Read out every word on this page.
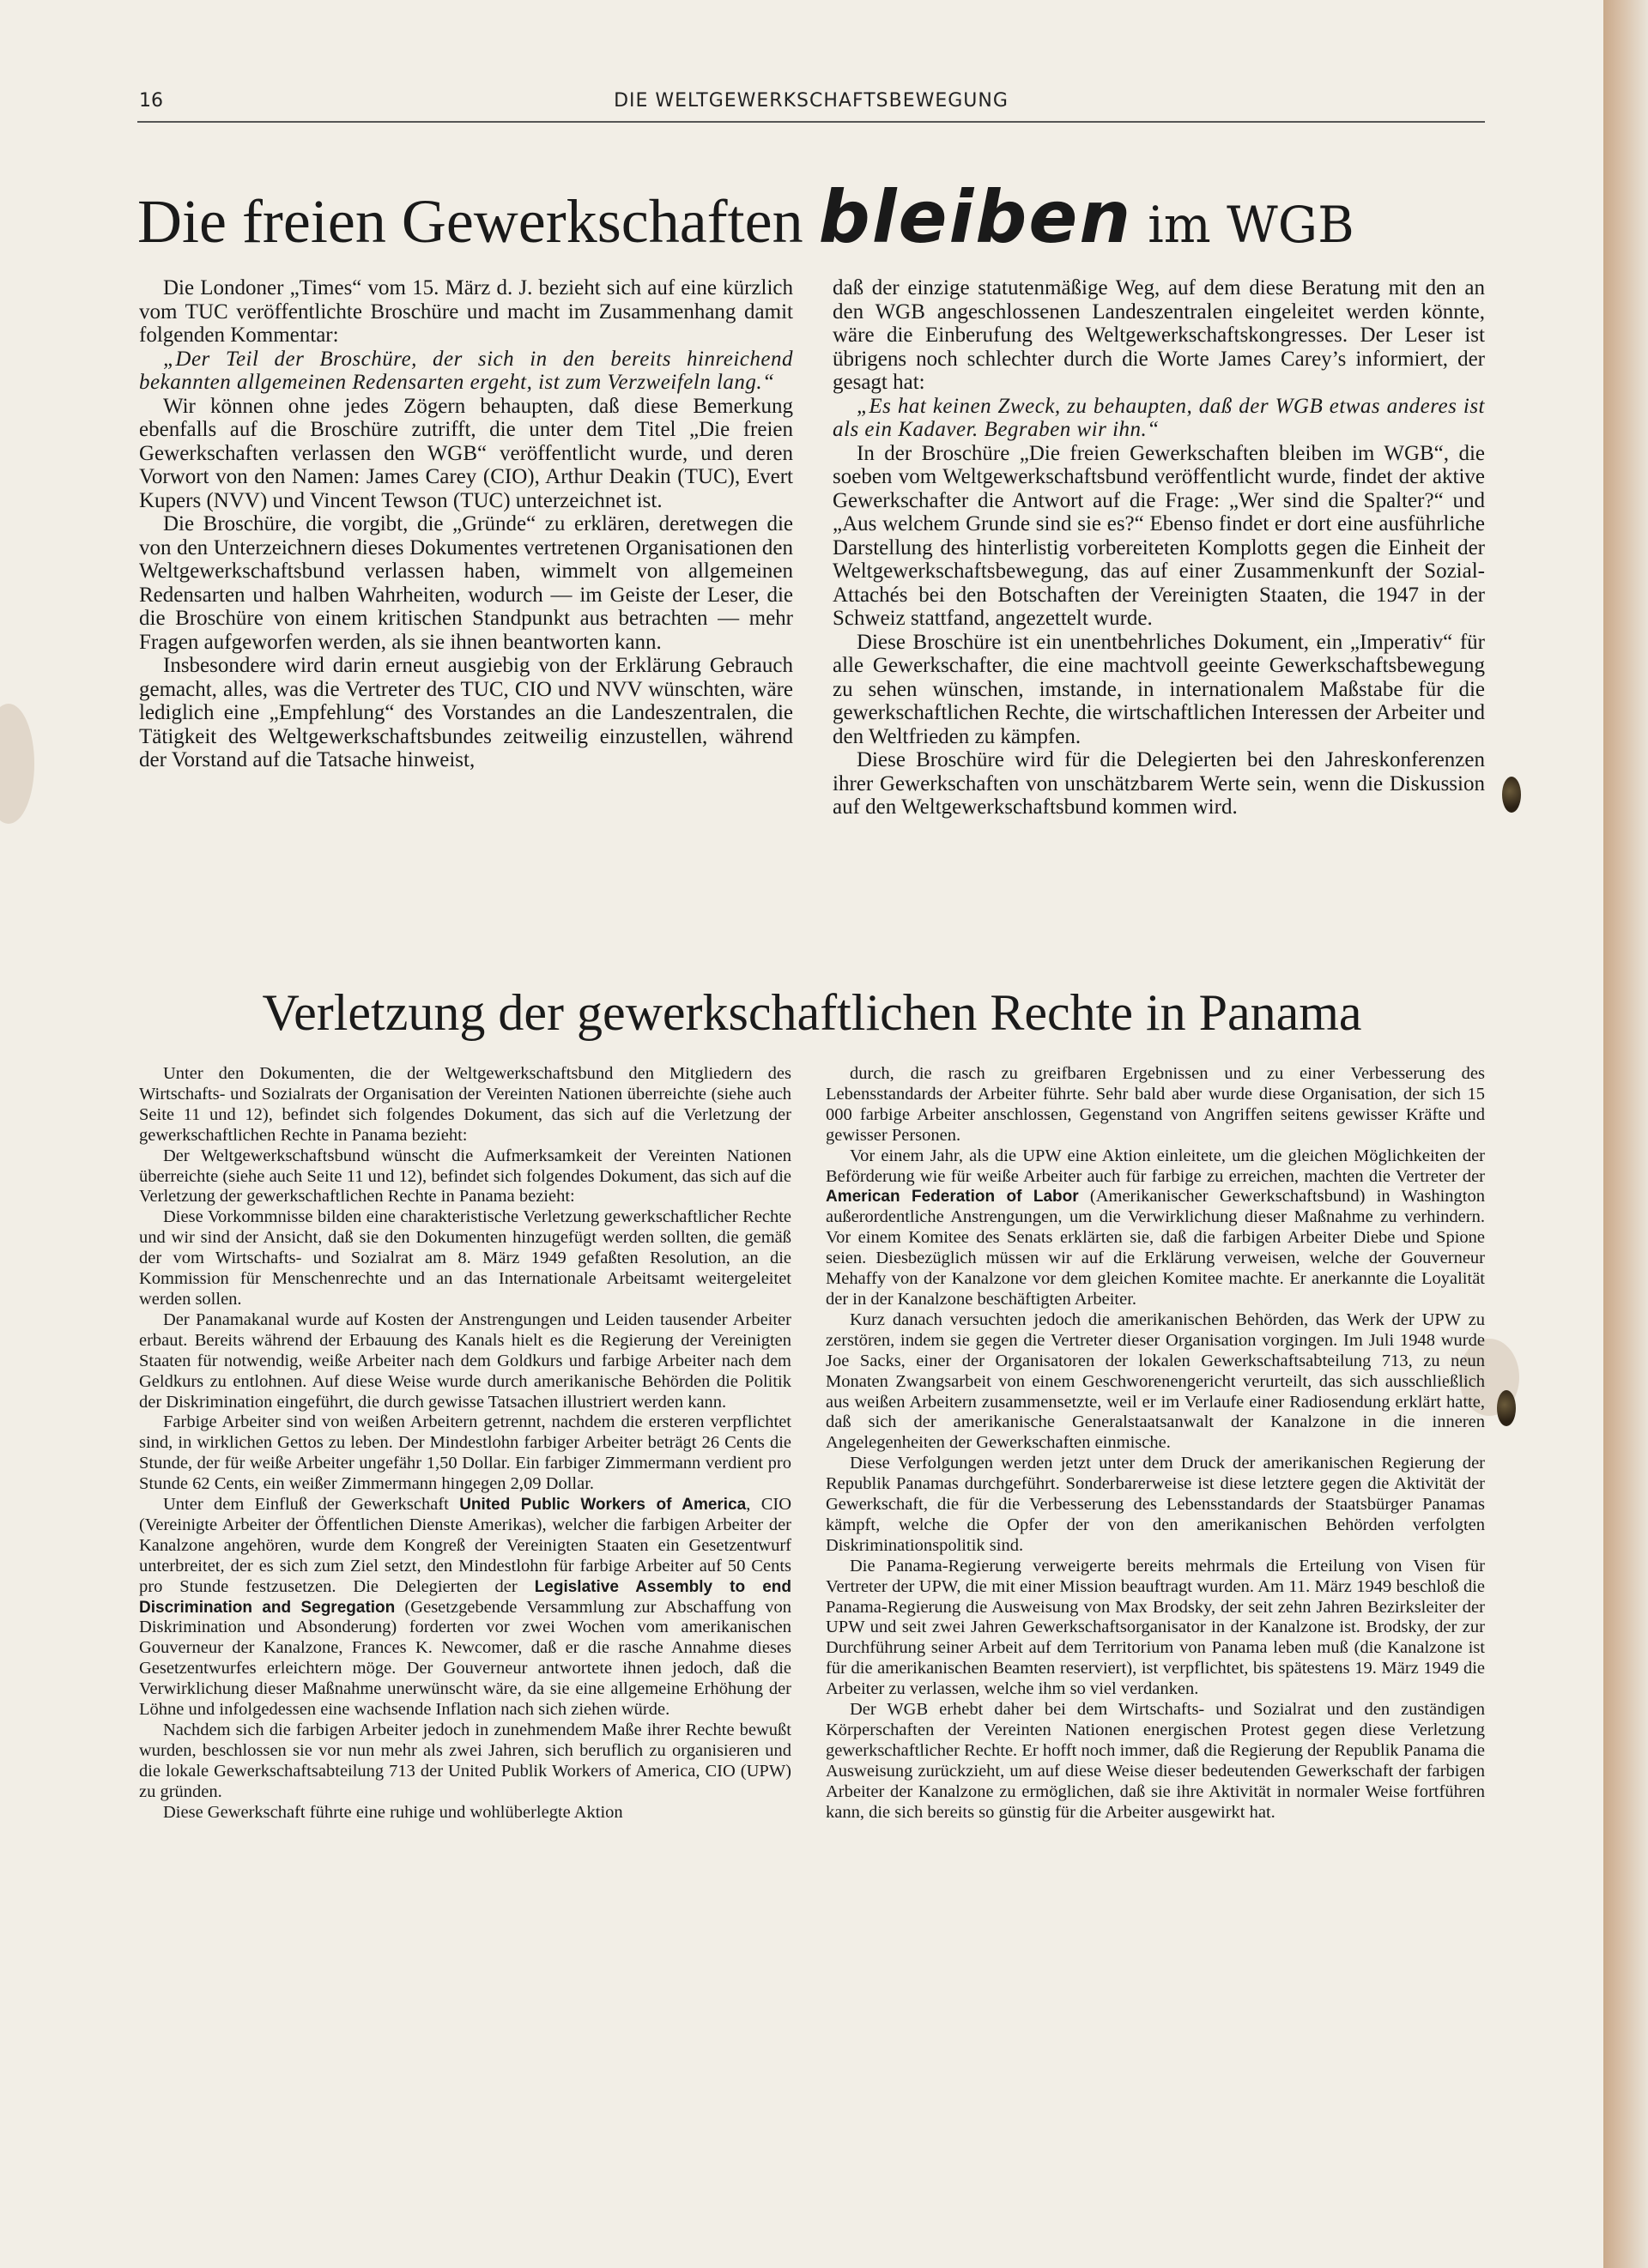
16	DIE WELTGEWERKSCHAFTSBEWEGUNG
Die freien Gewerkschaften bleiben im WGB

Die Londoner „Times“ vom 15. März d. J. bezieht sich auf eine kürzlich vom TUC veröffentlichte Broschüre und macht im Zusammenhang damit folgenden Kommentar:

„Der Teil der Broschüre, der sich in den bereits hinreichend bekannten allgemeinen Redensarten ergeht, ist zum Verzweifeln lang.“

Wir können ohne jedes Zögern behaupten, daß diese Bemerkung ebenfalls auf die Broschüre zutrifft, die unter dem Titel „Die freien Gewerkschaften verlassen den WGB“ veröffentlicht wurde, und deren Vorwort von den Namen: James Carey (CIO), Arthur Deakin (TUC), Evert Kupers (NVV) und Vincent Tewson (TUC) unterzeichnet ist.

Die Broschüre, die vorgibt, die „Gründe“ zu erklären, deretwegen die von den Unterzeichnern dieses Dokumentes vertretenen Organisationen den Weltgewerkschaftsbund verlassen haben, wimmelt von allgemeinen Redensarten und halben Wahrheiten, wodurch — im Geiste der Leser, die die Broschüre von einem kritischen Standpunkt aus betrachten — mehr Fragen aufgeworfen werden, als sie ihnen beantworten kann.

Insbesondere wird darin erneut ausgiebig von der Erklärung Gebrauch gemacht, alles, was die Vertreter des TUC, CIO und NVV wünschten, wäre lediglich eine „Empfehlung“ des Vorstandes an die Landeszentralen, die Tätigkeit des Weltgewerkschaftsbundes zeitweilig einzustellen, während der Vorstand auf die Tatsache hinweist,

daß der einzige statutenmäßige Weg, auf dem diese Beratung mit den an den WGB angeschlossenen Landeszentralen eingeleitet werden könnte, wäre die Einberufung des Weltgewerkschaftskongresses. Der Leser ist übrigens noch schlechter durch die Worte James Carey’s informiert, der gesagt hat:

„Es hat keinen Zweck, zu behaupten, daß der WGB etwas anderes ist als ein Kadaver. Begraben wir ihn.“

In der Broschüre „Die freien Gewerkschaften bleiben im WGB“, die soeben vom Weltgewerkschaftsbund veröffentlicht wurde, findet der aktive Gewerkschafter die Antwort auf die Frage: „Wer sind die Spalter?“ und „Aus welchem Grunde sind sie es?“ Ebenso findet er dort eine ausführliche Darstellung des hinterlistig vorbereiteten Komplotts gegen die Einheit der Weltgewerkschaftsbewegung, das auf einer Zusammenkunft der Sozial-Attachés bei den Botschaften der Vereinigten Staaten, die 1947 in der Schweiz stattfand, angezettelt wurde.

Diese Broschüre ist ein unentbehrliches Dokument, ein „Imperativ“ für alle Gewerkschafter, die eine machtvoll geeinte Gewerkschaftsbewegung zu sehen wünschen, imstande, in internationalem Maßstabe für die gewerkschaftlichen Rechte, die wirtschaftlichen Interessen der Arbeiter und den Weltfrieden zu kämpfen.

Diese Broschüre wird für die Delegierten bei den Jahreskonferenzen ihrer Gewerkschaften von unschätzbarem Werte sein, wenn die Diskussion auf den Weltgewerkschaftsbund kommen wird.

Verletzung der gewerkschaftlichen Rechte in Panama

Unter den Dokumenten, die der Weltgewerkschaftsbund den Mitgliedern des Wirtschafts- und Sozialrats der Organisation der Vereinten Nationen überreichte (siehe auch Seite 11 und 12), befindet sich folgendes Dokument, das sich auf die Verletzung der gewerkschaftlichen Rechte in Panama bezieht:

Der Weltgewerkschaftsbund wünscht die Aufmerksamkeit der Vereinten Nationen überreichte (siehe auch Seite 11 und 12), befindet sich folgendes Dokument, das sich auf die Verletzung der gewerkschaftlichen Rechte in Panama bezieht:

Diese Vorkommnisse bilden eine charakteristische Verletzung gewerkschaftlicher Rechte und wir sind der Ansicht, daß sie den Dokumenten hinzugefügt werden sollten, die gemäß der vom Wirtschafts- und Sozialrat am 8. März 1949 gefaßten Resolution, an die Kommission für Menschenrechte und an das Internationale Arbeitsamt weitergeleitet werden sollen.

Der Panamakanal wurde auf Kosten der Anstrengungen und Leiden tausender Arbeiter erbaut. Bereits während der Erbauung des Kanals hielt es die Regierung der Vereinigten Staaten für notwendig, weiße Arbeiter nach dem Goldkurs und farbige Arbeiter nach dem Geldkurs zu entlohnen. Auf diese Weise wurde durch amerikanische Behörden die Politik der Diskrimination eingeführt, die durch gewisse Tatsachen illustriert werden kann.

Farbige Arbeiter sind von weißen Arbeitern getrennt, nachdem die ersteren verpflichtet sind, in wirklichen Gettos zu leben. Der Mindestlohn farbiger Arbeiter beträgt 26 Cents die Stunde, der für weiße Arbeiter ungefähr 1,50 Dollar. Ein farbiger Zimmermann verdient pro Stunde 62 Cents, ein weißer Zimmermann hingegen 2,09 Dollar.

Unter dem Einfluß der Gewerkschaft United Public Workers of America, CIO (Vereinigte Arbeiter der Öffentlichen Dienste Amerikas), welcher die farbigen Arbeiter der Kanalzone angehören, wurde dem Kongreß der Vereinigten Staaten ein Gesetzentwurf unterbreitet, der es sich zum Ziel setzt, den Mindestlohn für farbige Arbeiter auf 50 Cents pro Stunde festzusetzen. Die Delegierten der Legislative Assembly to end Discrimination and Segregation (Gesetzgebende Versammlung zur Abschaffung von Diskrimination und Absonderung) forderten vor zwei Wochen vom amerikanischen Gouverneur der Kanalzone, Frances K. Newcomer, daß er die rasche Annahme dieses Gesetzentwurfes erleichtern möge. Der Gouverneur antwortete ihnen jedoch, daß die Verwirklichung dieser Maßnahme unerwünscht wäre, da sie eine allgemeine Erhöhung der Löhne und infolgedessen eine wachsende Inflation nach sich ziehen würde.

Nachdem sich die farbigen Arbeiter jedoch in zunehmendem Maße ihrer Rechte bewußt wurden, beschlossen sie vor nun mehr als zwei Jahren, sich beruflich zu organisieren und die lokale Gewerkschaftsabteilung 713 der United Publik Workers of America, CIO (UPW) zu gründen.

Diese Gewerkschaft führte eine ruhige und wohlüberlegte Aktion

durch, die rasch zu greifbaren Ergebnissen und zu einer Verbesserung des Lebensstandards der Arbeiter führte. Sehr bald aber wurde diese Organisation, der sich 15 000 farbige Arbeiter anschlossen, Gegenstand von Angriffen seitens gewisser Kräfte und gewisser Personen.

Vor einem Jahr, als die UPW eine Aktion einleitete, um die gleichen Möglichkeiten der Beförderung wie für weiße Arbeiter auch für farbige zu erreichen, machten die Vertreter der American Federation of Labor (Amerikanischer Gewerkschaftsbund) in Washington außerordentliche Anstrengungen, um die Verwirklichung dieser Maßnahme zu verhindern. Vor einem Komitee des Senats erklärten sie, daß die farbigen Arbeiter Diebe und Spione seien. Diesbezüglich müssen wir auf die Erklärung verweisen, welche der Gouverneur Mehaffy von der Kanalzone vor dem gleichen Komitee machte. Er anerkannte die Loyalität der in der Kanalzone beschäftigten Arbeiter.

Kurz danach versuchten jedoch die amerikanischen Behörden, das Werk der UPW zu zerstören, indem sie gegen die Vertreter dieser Organisation vorgingen. Im Juli 1948 wurde Joe Sacks, einer der Organisatoren der lokalen Gewerkschaftsabteilung 713, zu neun Monaten Zwangsarbeit von einem Geschworenengericht verurteilt, das sich ausschließlich aus weißen Arbeitern zusammensetzte, weil er im Verlaufe einer Radiosendung erklärt hatte, daß sich der amerikanische Generalstaatsanwalt der Kanalzone in die inneren Angelegenheiten der Gewerkschaften einmische.

Diese Verfolgungen werden jetzt unter dem Druck der amerikanischen Regierung der Republik Panamas durchgeführt. Sonderbarerweise ist diese letztere gegen die Aktivität der Gewerkschaft, die für die Verbesserung des Lebensstandards der Staatsbürger Panamas kämpft, welche die Opfer der von den amerikanischen Behörden verfolgten Diskriminationspolitik sind.

Die Panama-Regierung verweigerte bereits mehrmals die Erteilung von Visen für Vertreter der UPW, die mit einer Mission beauftragt wurden. Am 11. März 1949 beschloß die Panama-Regierung die Ausweisung von Max Brodsky, der seit zehn Jahren Bezirksleiter der UPW und seit zwei Jahren Gewerkschaftsorganisator in der Kanalzone ist. Brodsky, der zur Durchführung seiner Arbeit auf dem Territorium von Panama leben muß (die Kanalzone ist für die amerikanischen Beamten reserviert), ist verpflichtet, bis spätestens 19. März 1949 die Arbeiter zu verlassen, welche ihm so viel verdanken.

Der WGB erhebt daher bei dem Wirtschafts- und Sozialrat und den zuständigen Körperschaften der Vereinten Nationen energischen Protest gegen diese Verletzung gewerkschaftlicher Rechte. Er hofft noch immer, daß die Regierung der Republik Panama die Ausweisung zurückzieht, um auf diese Weise dieser bedeutenden Gewerkschaft der farbigen Arbeiter der Kanalzone zu ermöglichen, daß sie ihre Aktivität in normaler Weise fortführen kann, die sich bereits so günstig für die Arbeiter ausgewirkt hat.
